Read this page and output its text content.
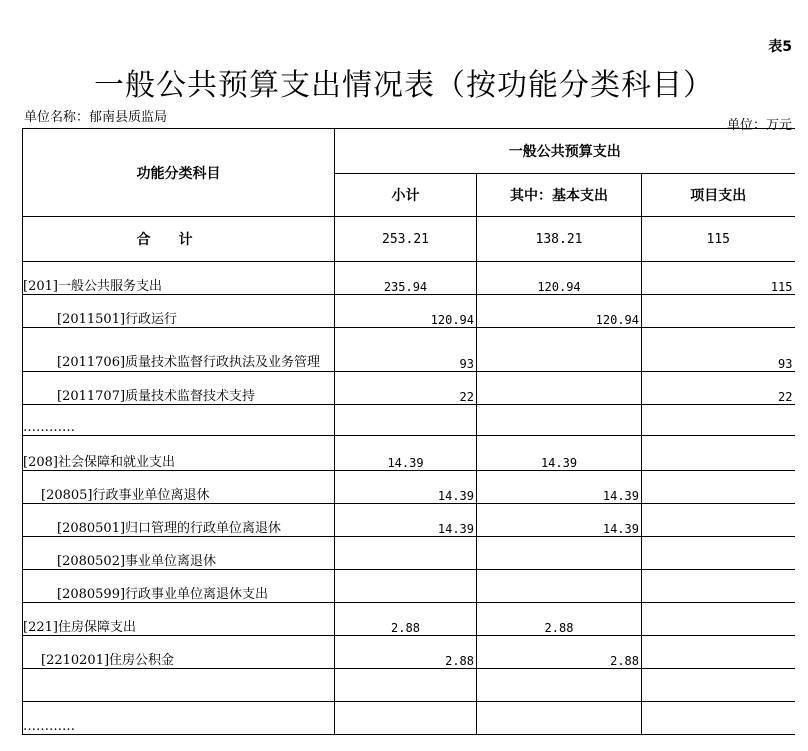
表5
一般公共预算支出情况表（按功能分类科目）
单位名称：郁南县质监局
单位：万元
功能分类科目	一般公共预算支出		
	小计	其中：基本支出	项目支出
合计	253.21	138.21	115
[201]一般公共服务支出	235.94	120.94	115
[2011501]行政运行	120.94	120.94	

[2011706]质量技术监督行政执法及业务管理	93		93
[2011707]质量技术监督技术支持	22		22
…………			
[208]社会保障和就业支出	14.39	14.39	
[20805]行政事业单位离退休	14.39	14.39	
[2080501]归口管理的行政单位离退休	14.39	14.39	
[2080502]事业单位离退休			
[2080599]行政事业单位离退休支出			
[221]住房保障支出	2.88	2.88	
[2210201]住房公积金	2.88	2.88	

…………			
